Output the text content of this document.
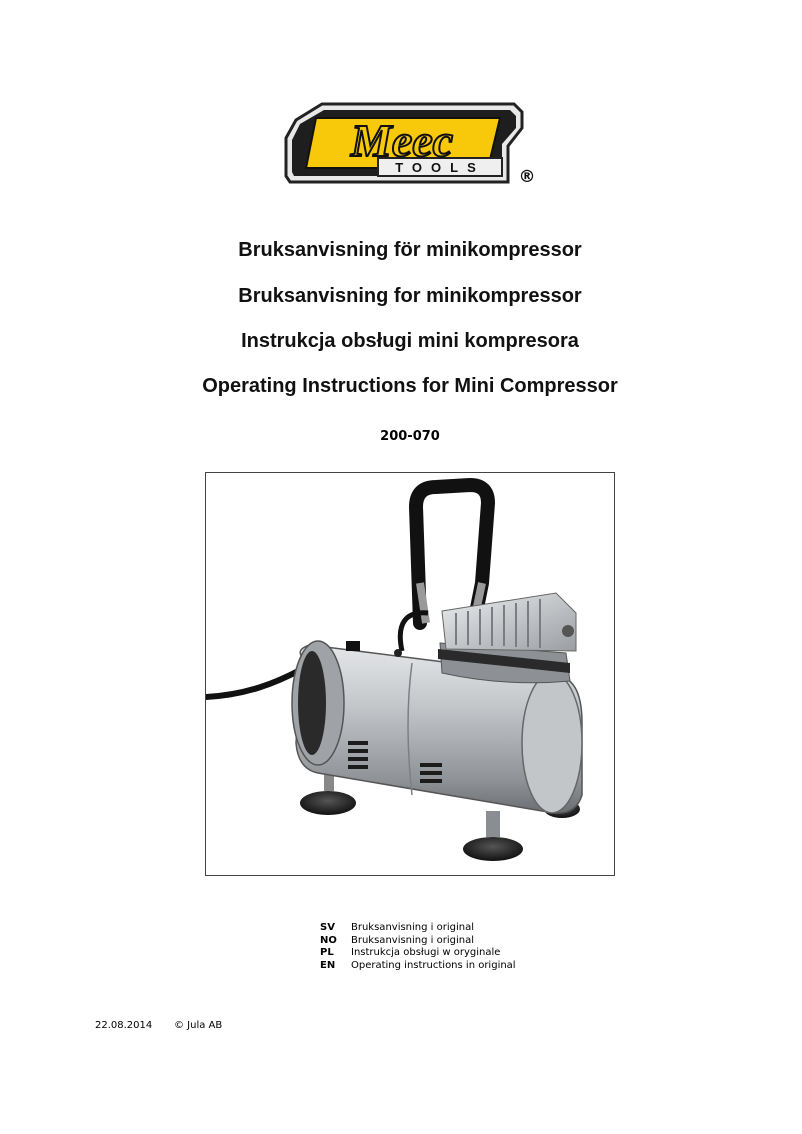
TOOLS
Meec
®
Bruksanvisning för minikompressor
Bruksanvisning for minikompressor
Instrukcja obsługi mini kompresora
Operating Instructions for Mini Compressor
200-070
SV	Bruksanvisning i original
NO	Bruksanvisning i original
PL	Instrukcja obsługi w oryginale
EN	Operating instructions in original
22.08.2014 © Jula AB
